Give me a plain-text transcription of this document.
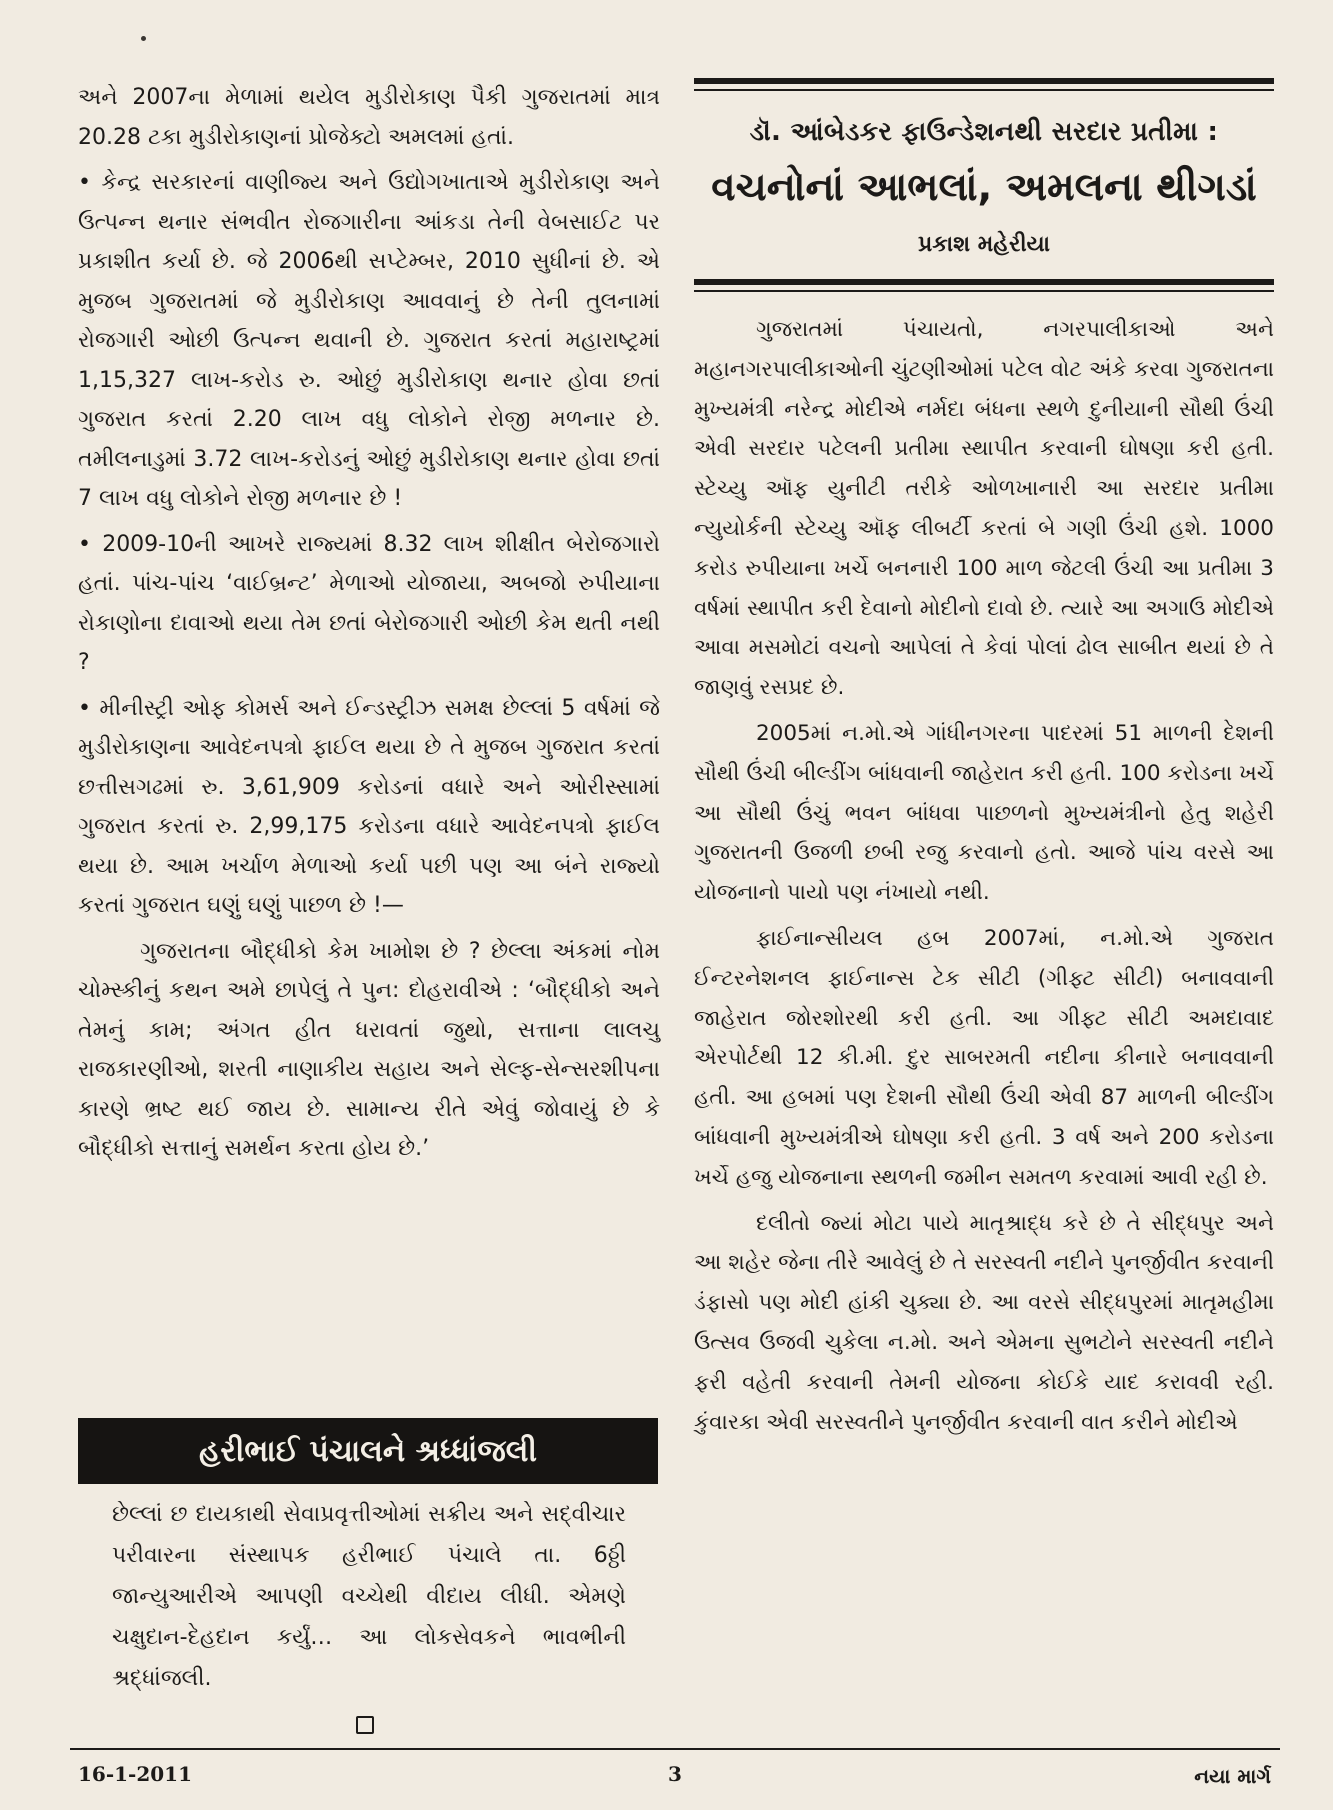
અને 2007ના મેળામાં થયેલ મુડીરોકાણ પૈકી ગુજરાતમાં માત્ર 20.28 ટકા મુડીરોકાણનાં પ્રોજેક્ટો અમલમાં હતાં.

• કેન્દ્ર સરકારનાં વાણીજ્ય અને ઉદ્યોગખાતાએ મુડીરોકાણ અને ઉત્પન્ન થનાર સંભવીત રોજગારીના આંકડા તેની વેબસાઈટ પર પ્રકાશીત કર્યા છે. જે 2006થી સપ્ટેમ્બર, 2010 સુધીનાં છે. એ મુજબ ગુજરાતમાં જે મુડીરોકાણ આવવાનું છે તેની તુલનામાં રોજગારી ઓછી ઉત્પન્ન થવાની છે. ગુજરાત કરતાં મહારાષ્ટ્રમાં 1,15,327 લાખ-કરોડ રુ. ઓછું મુડીરોકાણ થનાર હોવા છતાં ગુજરાત કરતાં 2.20 લાખ વધુ લોકોને રોજી મળનાર છે. તમીલનાડુમાં 3.72 લાખ-કરોડનું ઓછું મુડીરોકાણ થનાર હોવા છતાં 7 લાખ વધુ લોકોને રોજી મળનાર છે !

• 2009-10ની આખરે રાજ્યમાં 8.32 લાખ શીક્ષીત બેરોજગારો હતાં. પાંચ-પાંચ ‘વાઈબ્રન્ટ’ મેળાઓ યોજાયા, અબજો રુપીયાના રોકાણોના દાવાઓ થયા તેમ છતાં બેરોજગારી ઓછી કેમ થતી નથી ?

• મીનીસ્ટ્રી ઓફ કોમર્સ અને ઈન્ડસ્ટ્રીઝ સમક્ષ છેલ્લાં 5 વર્ષમાં જે મુડીરોકાણના આવેદનપત્રો ફાઈલ થયા છે તે મુજબ ગુજરાત કરતાં છત્તીસગઢમાં રુ. 3,61,909 કરોડનાં વધારે અને ઓરીસ્સામાં ગુજરાત કરતાં રુ. 2,99,175 કરોડના વધારે આવેદનપત્રો ફાઈલ થયા છે. આમ ખર્ચાળ મેળાઓ કર્યા પછી પણ આ બંને રાજ્યો કરતાં ગુજરાત ઘણું ઘણું પાછળ છે !—

ગુજરાતના બૌદ્ધીકો કેમ ખામોશ છે ? છેલ્લા અંકમાં નોમ ચોમ્સ્કીનું કથન અમે છાપેલું તે પુન: દોહરાવીએ : ‘બૌદ્ધીકો અને તેમનું કામ; અંગત હીત ધરાવતાં જુથો, સત્તાના લાલચુ રાજકારણીઓ, શરતી નાણાકીય સહાય અને સેલ્ફ-સેન્સરશીપના કારણે ભ્રષ્ટ થઈ જાય છે. સામાન્ય રીતે એવું જોવાયું છે કે બૌદ્ધીકો સત્તાનું સમર્થન કરતા હોય છે.’

હરીભાઈ પંચાલને શ્રધ્ધાંજલી

છેલ્લાં છ દાયકાથી સેવાપ્રવૃત્તીઓમાં સક્રીય અને સદ્‌વીચાર પરીવારના સંસ્થાપક હરીભાઈ પંચાલે તા. 6ઠ્ઠી જાન્યુઆરીએ આપણી વચ્ચેથી વીદાય લીધી. એમણે ચક્ષુદાન-દેહદાન કર્યું… આ લોકસેવકને ભાવભીની શ્રદ્ધાંજલી.

ડૉ. આંબેડકર ફાઉન્ડેશનથી સરદાર પ્રતીમા :
વચનોનાં આભલાં, અમલના થીગડાં
પ્રકાશ મહેરીયા

ગુજરાતમાં પંચાયતો, નગરપાલીકાઓ અને મહાનગરપાલીકાઓની ચુંટણીઓમાં પટેલ વોટ અંકે કરવા ગુજરાતના મુખ્યમંત્રી નરેન્દ્ર મોદીએ નર્મદા બંધના સ્થળે દુનીયાની સૌથી ઉંચી એવી સરદાર પટેલની પ્રતીમા સ્થાપીત કરવાની ઘોષણા કરી હતી. સ્ટેચ્યુ ઑફ યુનીટી તરીકે ઓળખાનારી આ સરદાર પ્રતીમા ન્યુયોર્કની સ્ટેચ્યુ ઑફ લીબર્ટી કરતાં બે ગણી ઉંચી હશે. 1000 કરોડ રુપીયાના ખર્ચે બનનારી 100 માળ જેટલી ઉંચી આ પ્રતીમા 3 વર્ષમાં સ્થાપીત કરી દેવાનો મોદીનો દાવો છે. ત્યારે આ અગાઉ મોદીએ આવા મસમોટાં વચનો આપેલાં તે કેવાં પોલાં ઢોલ સાબીત થયાં છે તે જાણવું રસપ્રદ છે.

2005માં ન.મો.એ ગાંધીનગરના પાદરમાં 51 માળની દેશની સૌથી ઉંચી બીલ્ડીંગ બાંધવાની જાહેરાત કરી હતી. 100 કરોડના ખર્ચે આ સૌથી ઉંચું ભવન બાંધવા પાછળનો મુખ્યમંત્રીનો હેતુ શહેરી ગુજરાતની ઉજળી છબી રજુ કરવાનો હતો. આજે પાંચ વરસે આ યોજનાનો પાયો પણ નંખાયો નથી.

ફાઈનાન્સીયલ હબ 2007માં, ન.મો.એ ગુજરાત ઈન્ટરનેશનલ ફાઈનાન્સ ટેક સીટી (ગીફ્ટ સીટી) બનાવવાની જાહેરાત જોરશોરથી કરી હતી. આ ગીફ્ટ સીટી અમદાવાદ એરપોર્ટથી 12 કી.મી. દુર સાબરમતી નદીના કીનારે બનાવવાની હતી. આ હબમાં પણ દેશની સૌથી ઉંચી એવી 87 માળની બીલ્ડીંગ બાંધવાની મુખ્યમંત્રીએ ઘોષણા કરી હતી. 3 વર્ષ અને 200 કરોડના ખર્ચે હજુ યોજનાના સ્થળની જમીન સમતળ કરવામાં આવી રહી છે.

દલીતો જ્યાં મોટા પાયે માતૃશ્રાદ્ધ કરે છે તે સીદ્ધપુર અને આ શહેર જેના તીરે આવેલું છે તે સરસ્વતી નદીને પુનર્જીવીત કરવાની ડંફાસો પણ મોદી હાંકી ચુક્યા છે. આ વરસે સીદ્ધપુરમાં માતૃમહીમા ઉત્સવ ઉજવી ચુકેલા ન.મો. અને એમના સુભટોને સરસ્વતી નદીને ફરી વહેતી કરવાની તેમની યોજના કોઈકે યાદ કરાવવી રહી. કુંવારકા એવી સરસ્વતીને પુનર્જીવીત કરવાની વાત કરીને મોદીએ

16-1-2011	3	નયા માર્ગ
